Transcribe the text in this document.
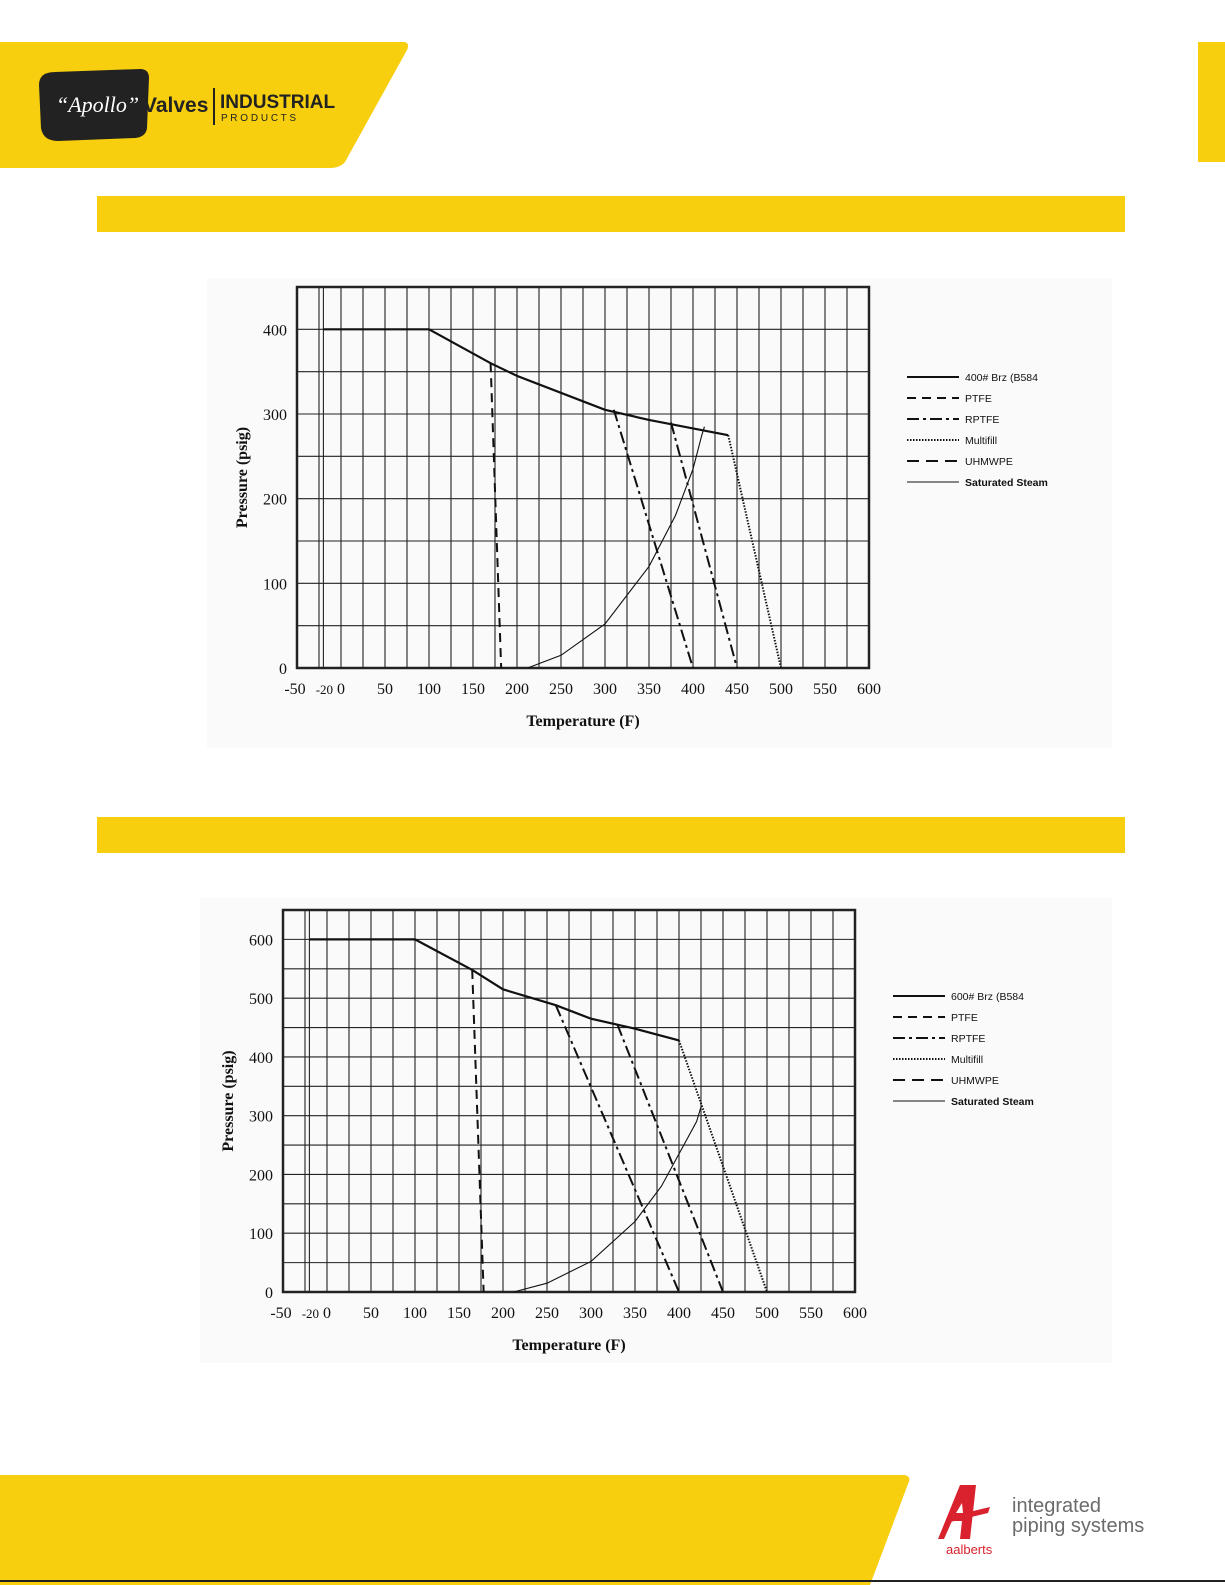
“Apollo” Valves INDUSTRIAL
P R O D U C T S
-50 -20 0 50 100 150 200 250 300 350 400 450 500 550 600
0
100
200
300
400
Temperature (F)
Pressure (psig)
400# Brz (B584
PTFE
RPTFE
Multifill
UHMWPE
Saturated Steam
-50 -20 0 50 100 150 200 250 300 350 400 450 500 550 600
0
100
200
300
400
500
600
Temperature (F)
Pressure (psig)
600# Brz (B584
PTFE
RPTFE
Multifill
UHMWPE
Saturated Steam
aalberts
integrated
piping systems
